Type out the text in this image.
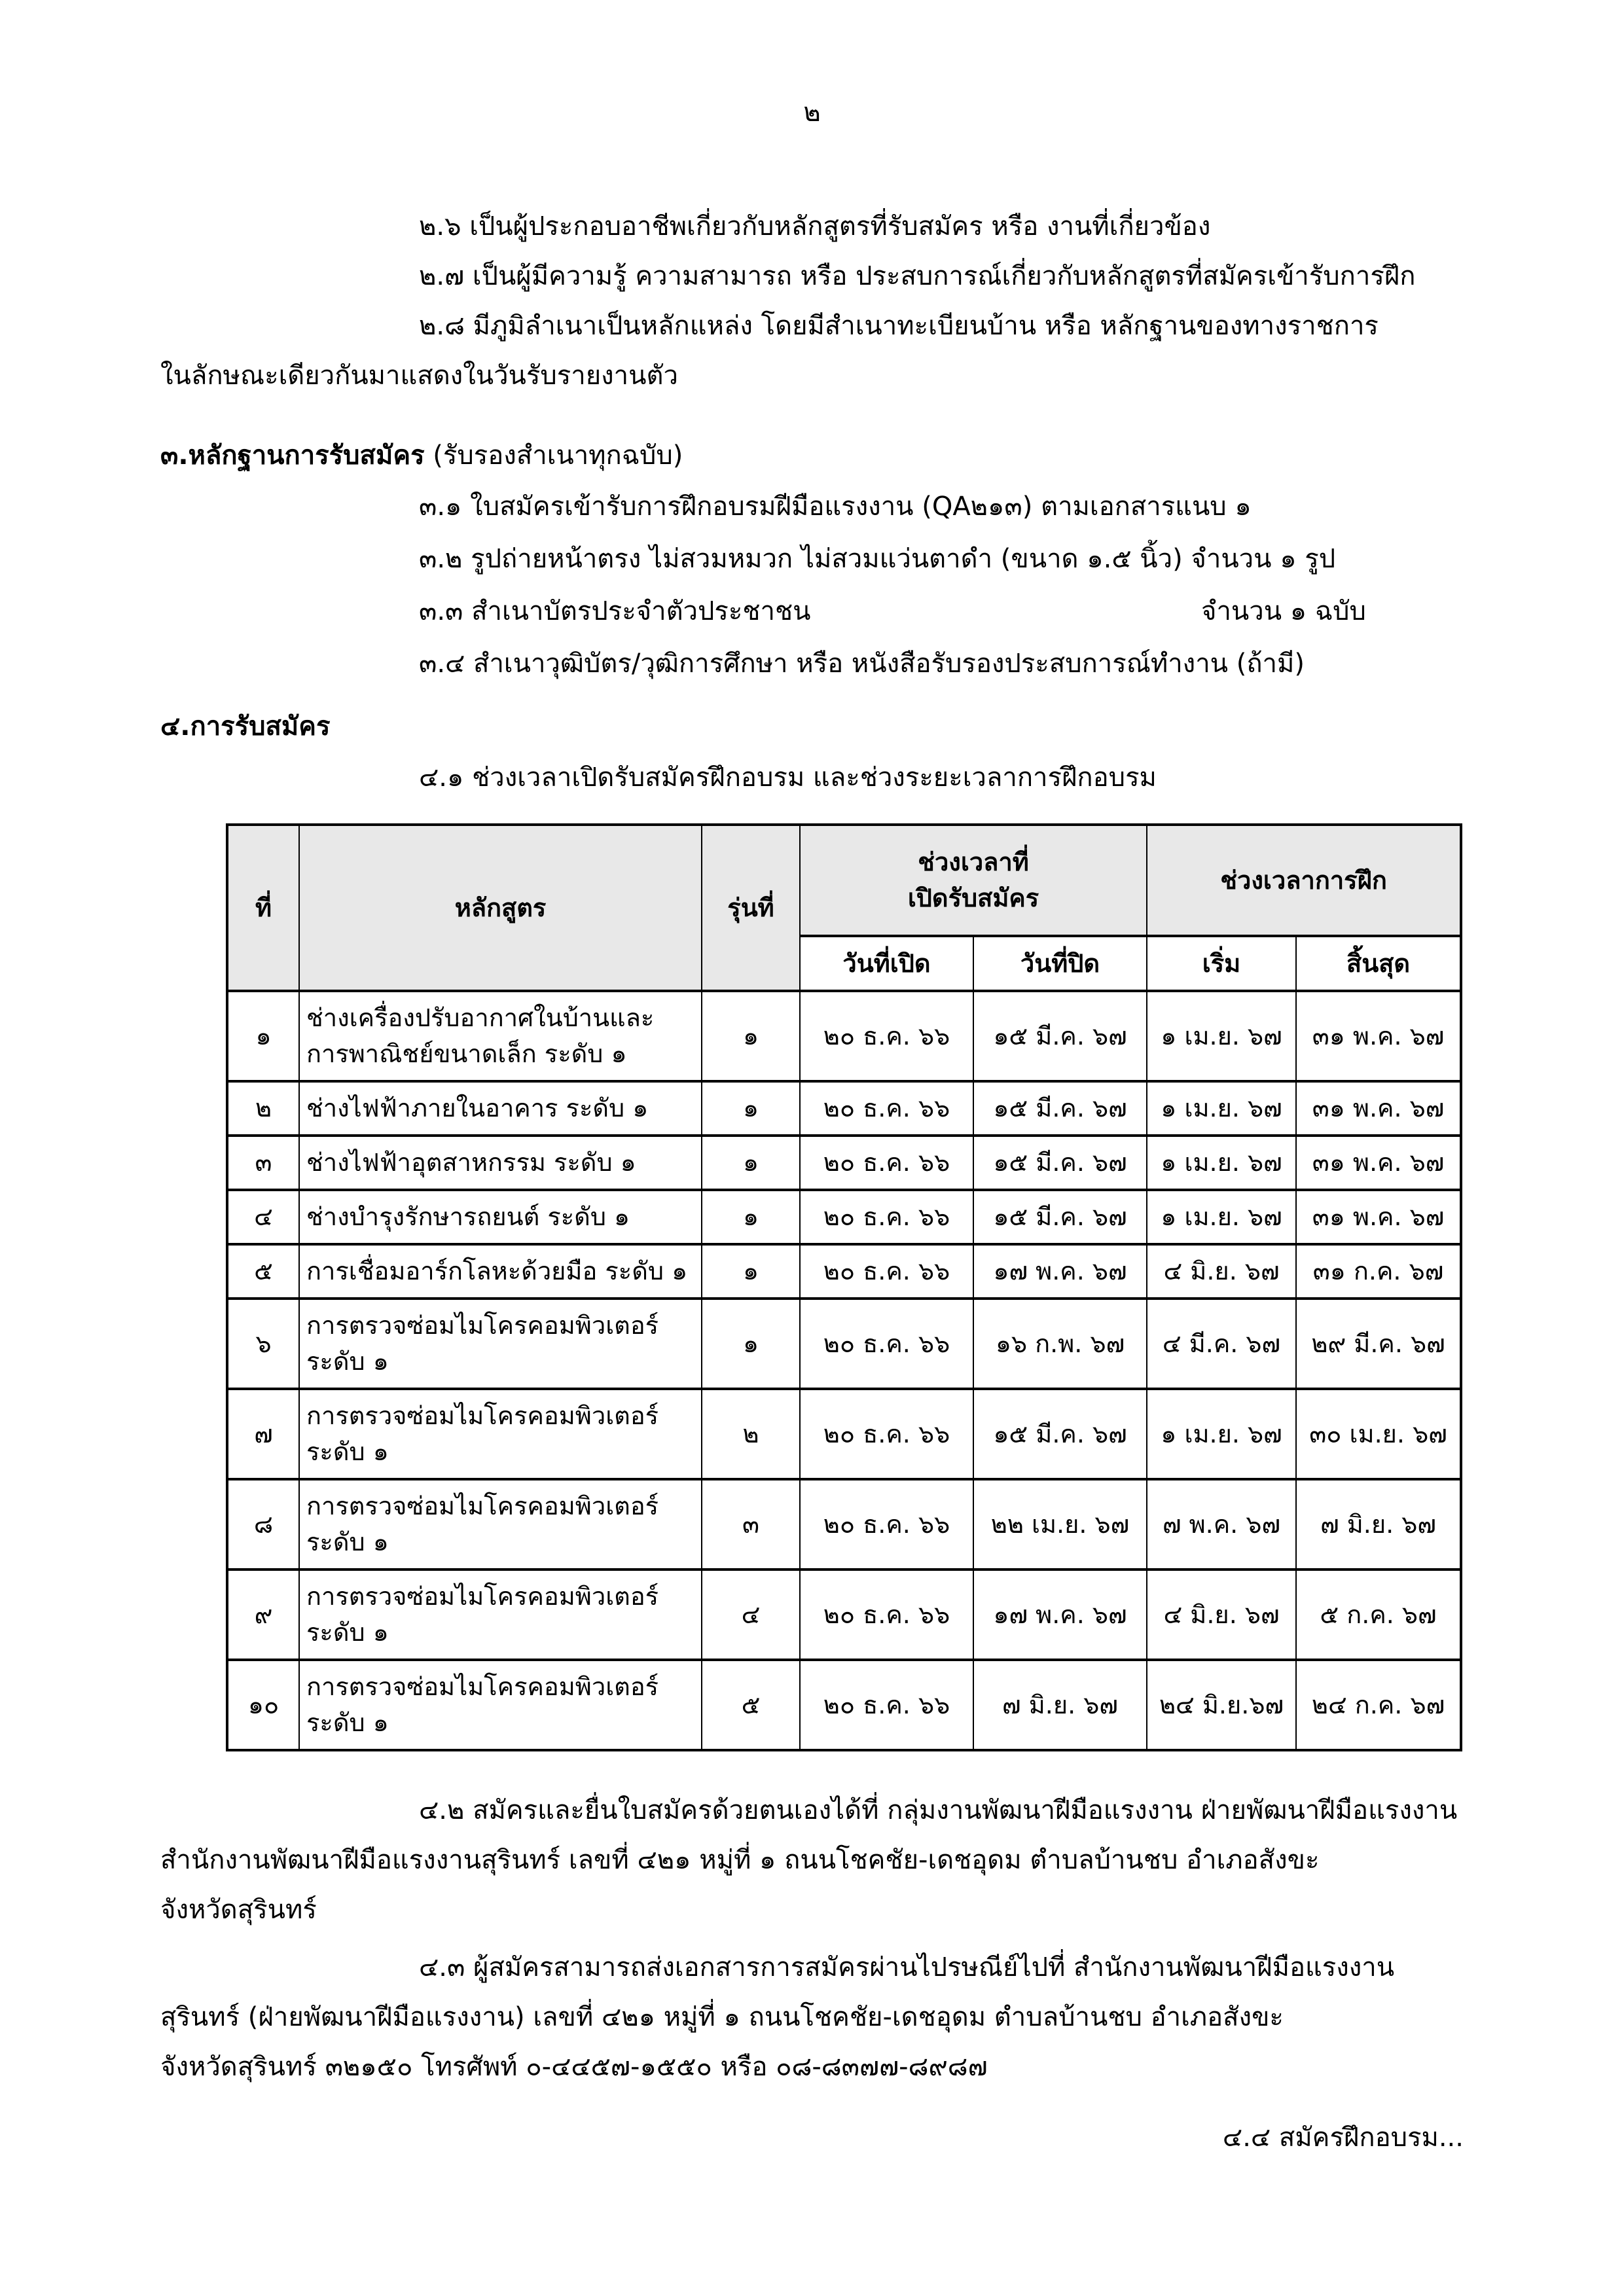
๒
๒.๖ เป็นผู้ประกอบอาชีพเกี่ยวกับหลักสูตรที่รับสมัคร หรือ งานที่เกี่ยวข้อง
๒.๗ เป็นผู้มีความรู้ ความสามารถ หรือ ประสบการณ์เกี่ยวกับหลักสูตรที่สมัครเข้ารับการฝึก
๒.๘ มีภูมิลำเนาเป็นหลักแหล่ง โดยมีสำเนาทะเบียนบ้าน หรือ หลักฐานของทางราชการ
ในลักษณะเดียวกันมาแสดงในวันรับรายงานตัว
๓.หลักฐานการรับสมัคร (รับรองสำเนาทุกฉบับ)
๓.๑ ใบสมัครเข้ารับการฝึกอบรมฝีมือแรงงาน (QA๒๑๓) ตามเอกสารแนบ ๑
๓.๒ รูปถ่ายหน้าตรง ไม่สวมหมวก ไม่สวมแว่นตาดำ (ขนาด ๑.๕ นิ้ว) จำนวน ๑ รูป
๓.๓ สำเนาบัตรประจำตัวประชาชน	จำนวน ๑ ฉบับ
๓.๔ สำเนาวุฒิบัตร/วุฒิการศึกษา หรือ หนังสือรับรองประสบการณ์ทำงาน (ถ้ามี)
๔.การรับสมัคร
๔.๑ ช่วงเวลาเปิดรับสมัครฝึกอบรม และช่วงระยะเวลาการฝึกอบรม
ที่	หลักสูตร	รุ่นที่	ช่วงเวลาที่
เปิดรับสมัคร		ช่วงเวลาการฝึก	
			วันที่เปิด	วันที่ปิด	เริ่ม	สิ้นสุด
๑	ช่างเครื่องปรับอากาศในบ้านและการพาณิชย์ขนาดเล็ก ระดับ ๑	๑	๒๐ ธ.ค. ๖๖	๑๕ มี.ค. ๖๗	๑ เม.ย. ๖๗	๓๑ พ.ค. ๖๗
๒	ช่างไฟฟ้าภายในอาคาร ระดับ ๑	๑	๒๐ ธ.ค. ๖๖	๑๕ มี.ค. ๖๗	๑ เม.ย. ๖๗	๓๑ พ.ค. ๖๗
๓	ช่างไฟฟ้าอุตสาหกรรม ระดับ ๑	๑	๒๐ ธ.ค. ๖๖	๑๕ มี.ค. ๖๗	๑ เม.ย. ๖๗	๓๑ พ.ค. ๖๗
๔	ช่างบำรุงรักษารถยนต์ ระดับ ๑	๑	๒๐ ธ.ค. ๖๖	๑๕ มี.ค. ๖๗	๑ เม.ย. ๖๗	๓๑ พ.ค. ๖๗
๕	การเชื่อมอาร์กโลหะด้วยมือ ระดับ ๑	๑	๒๐ ธ.ค. ๖๖	๑๗ พ.ค. ๖๗	๔ มิ.ย. ๖๗	๓๑ ก.ค. ๖๗
๖	การตรวจซ่อมไมโครคอมพิวเตอร์ ระดับ ๑	๑	๒๐ ธ.ค. ๖๖	๑๖ ก.พ. ๖๗	๔ มี.ค. ๖๗	๒๙ มี.ค. ๖๗
๗	การตรวจซ่อมไมโครคอมพิวเตอร์ ระดับ ๑	๒	๒๐ ธ.ค. ๖๖	๑๕ มี.ค. ๖๗	๑ เม.ย. ๖๗	๓๐ เม.ย. ๖๗
๘	การตรวจซ่อมไมโครคอมพิวเตอร์ ระดับ ๑	๓	๒๐ ธ.ค. ๖๖	๒๒ เม.ย. ๖๗	๗ พ.ค. ๖๗	๗ มิ.ย. ๖๗
๙	การตรวจซ่อมไมโครคอมพิวเตอร์ ระดับ ๑	๔	๒๐ ธ.ค. ๖๖	๑๗ พ.ค. ๖๗	๔ มิ.ย. ๖๗	๕ ก.ค. ๖๗
๑๐	การตรวจซ่อมไมโครคอมพิวเตอร์ ระดับ ๑	๕	๒๐ ธ.ค. ๖๖	๗ มิ.ย. ๖๗	๒๔ มิ.ย.๖๗	๒๔ ก.ค. ๖๗
๔.๒ สมัครและยื่นใบสมัครด้วยตนเองได้ที่ กลุ่มงานพัฒนาฝีมือแรงงาน ฝ่ายพัฒนาฝีมือแรงงาน
สำนักงานพัฒนาฝีมือแรงงานสุรินทร์ เลขที่ ๔๒๑ หมู่ที่ ๑ ถนนโชคชัย-เดชอุดม ตำบลบ้านชบ อำเภอสังขะ
จังหวัดสุรินทร์
๔.๓ ผู้สมัครสามารถส่งเอกสารการสมัครผ่านไปรษณีย์ไปที่ สำนักงานพัฒนาฝีมือแรงงาน
สุรินทร์ (ฝ่ายพัฒนาฝีมือแรงงาน) เลขที่ ๔๒๑ หมู่ที่ ๑ ถนนโชคชัย-เดชอุดม ตำบลบ้านชบ อำเภอสังขะ
จังหวัดสุรินทร์ ๓๒๑๕๐ โทรศัพท์ ๐-๔๔๕๗-๑๕๕๐ หรือ ๐๘-๘๓๗๗-๘๙๘๗
๔.๔ สมัครฝึกอบรม...
